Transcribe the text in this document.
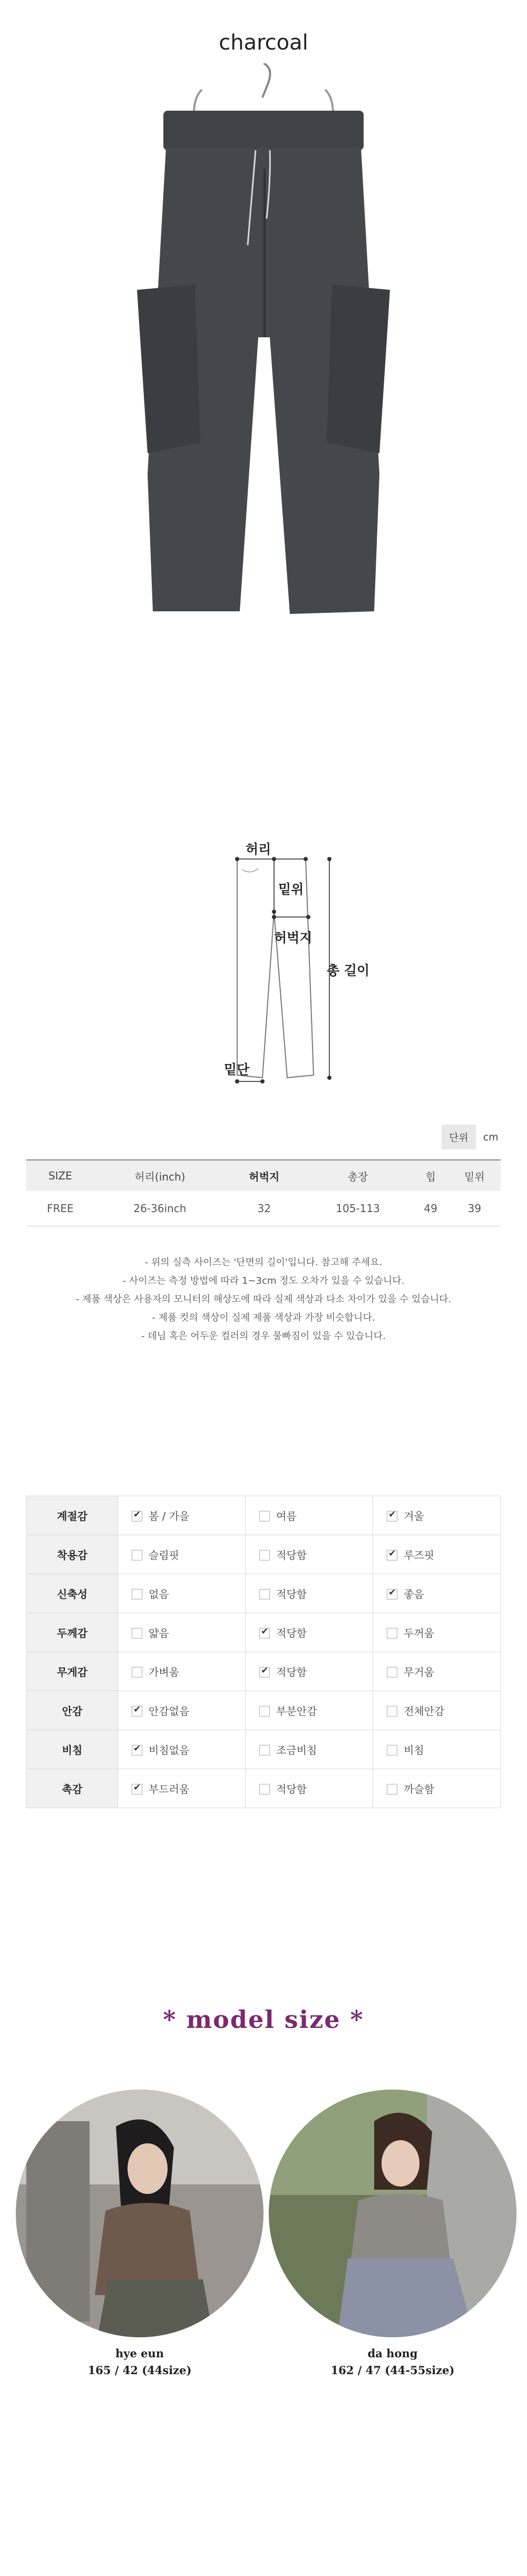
charcoal
허리
밑위
허벅지
총 길이
밑단
단위	cm
SIZE	허리(inch)	허벅지	총장	힙	밑위
FREE	26-36inch	32	105-113	49	39
- 위의 실측 사이즈는 '단면의 길이'입니다. 참고해 주세요.
- 사이즈는 측정 방법에 따라 1~3cm 정도 오차가 있을 수 있습니다.
- 제품 색상은 사용자의 모니터의 해상도에 따라 실제 색상과 다소 차이가 있을 수 있습니다.
- 제품 컷의 색상이 실제 제품 색상과 가장 비슷합니다.
- 데님 혹은 어두운 컬러의 경우 물빠짐이 있을 수 있습니다.
계절감	✔봄 / 가을	여름	✔겨울
착용감	슬림핏	적당함	✔루즈핏
신축성	없음	적당함	✔좋음
두께감	얇음	✔적당함	두꺼움
무게감	가벼움	✔적당함	무거움
안감	✔안감없음	부분안감	전체안감
비침	✔비침없음	조금비침	비침
촉감	✔부드러움	적당함	까슬함
* model size *
hye eun
165 / 42 (44size)
da hong
162 / 47 (44-55size)
